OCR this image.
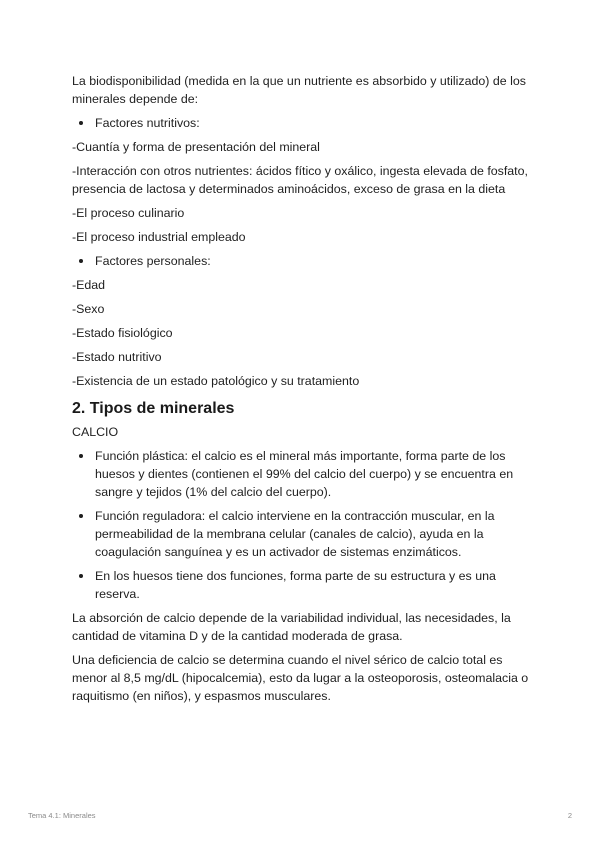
La biodisponibilidad (medida en la que un nutriente es absorbido y utilizado) de los minerales depende de:

Factores nutritivos:

-Cuantía y forma de presentación del mineral

-Interacción con otros nutrientes: ácidos fítico y oxálico, ingesta elevada de fosfato, presencia de lactosa y determinados aminoácidos, exceso de grasa en la dieta

-El proceso culinario

-El proceso industrial empleado

Factores personales:

-Edad

-Sexo

-Estado fisiológico

-Estado nutritivo

-Existencia de un estado patológico y su tratamiento

2. Tipos de minerales

CALCIO

Función plástica: el calcio es el mineral más importante, forma parte de los huesos y dientes (contienen el 99% del calcio del cuerpo) y se encuentra en sangre y tejidos (1% del calcio del cuerpo).
Función reguladora: el calcio interviene en la contracción muscular, en la permeabilidad de la membrana celular (canales de calcio), ayuda en la coagulación sanguínea y es un activador de sistemas enzimáticos.
En los huesos tiene dos funciones, forma parte de su estructura y es una reserva.

La absorción de calcio depende de la variabilidad individual, las necesidades, la cantidad de vitamina D y de la cantidad moderada de grasa.

Una deficiencia de calcio se determina cuando el nivel sérico de calcio total es menor al 8,5 mg/dL (hipocalcemia), esto da lugar a la osteoporosis, osteomalacia o raquitismo (en niños), y espasmos musculares.

Tema 4.1: Minerales	2
